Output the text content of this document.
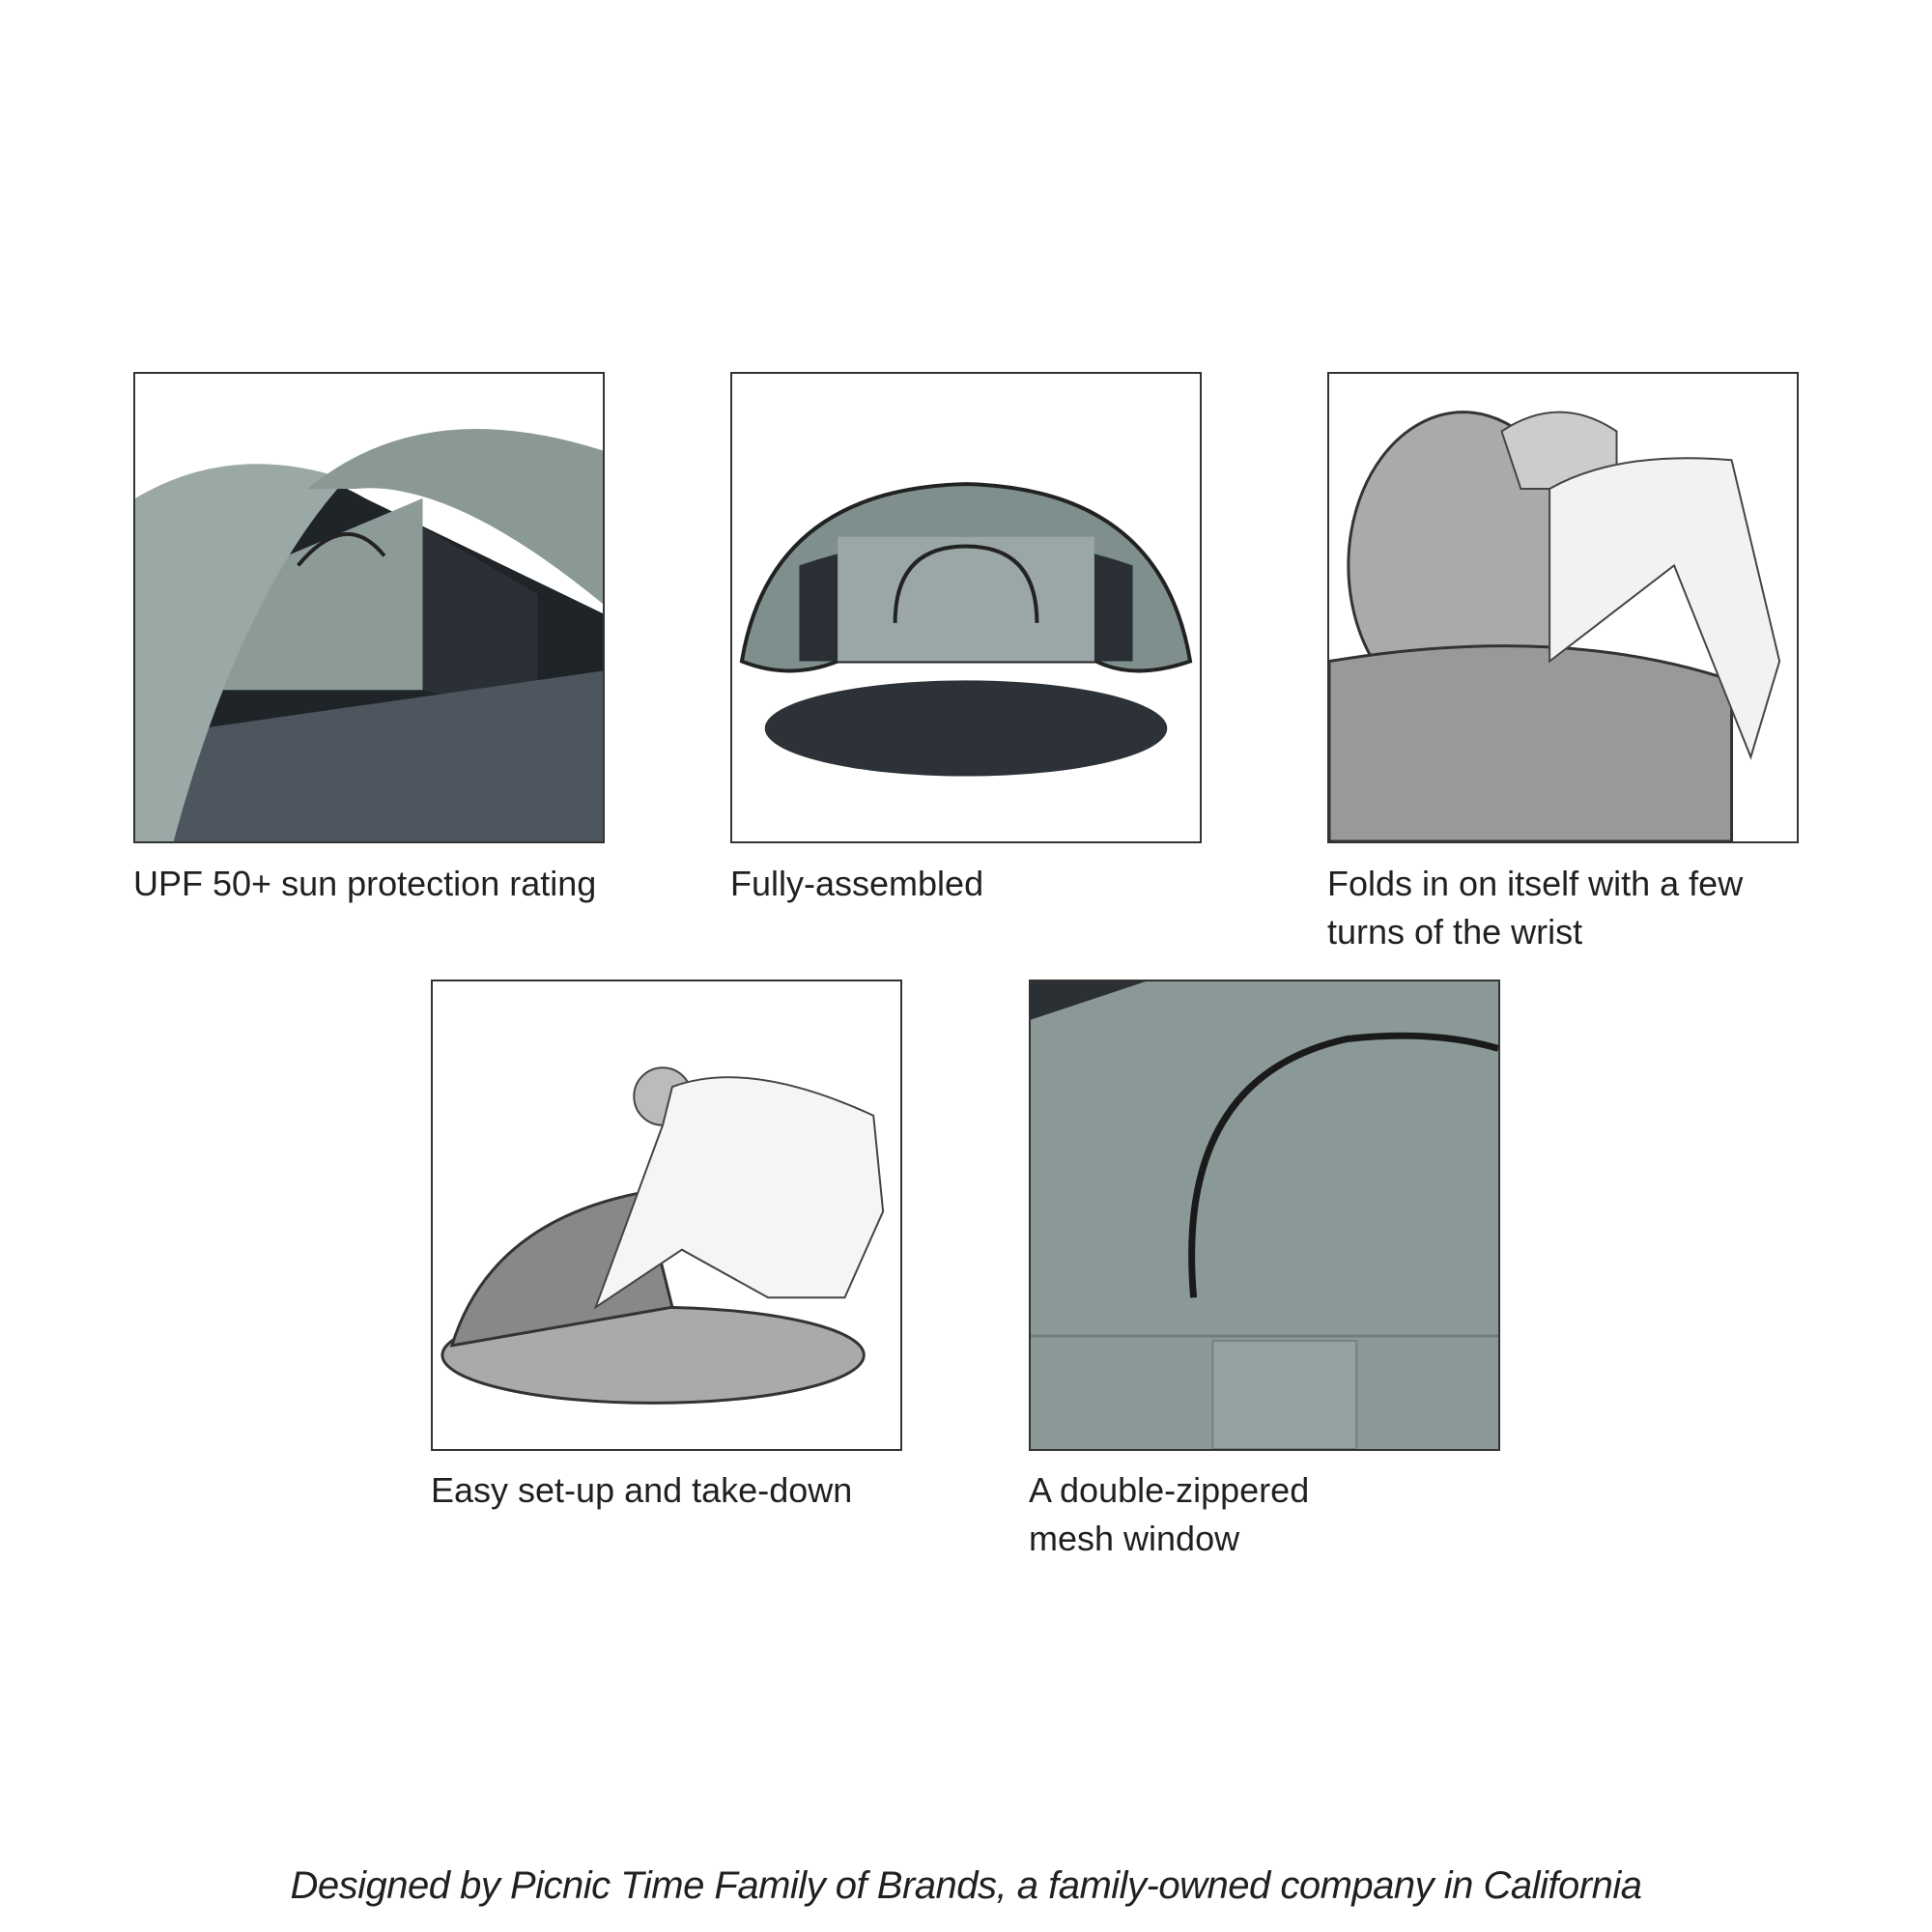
UPF 50+ sun protection rating	Fully-assembled	Folds in on itself with a few
turns of the wrist
Easy set-up and take-down	A double-zippered
mesh window
Designed by Picnic Time Family of Brands, a family-owned company in California
